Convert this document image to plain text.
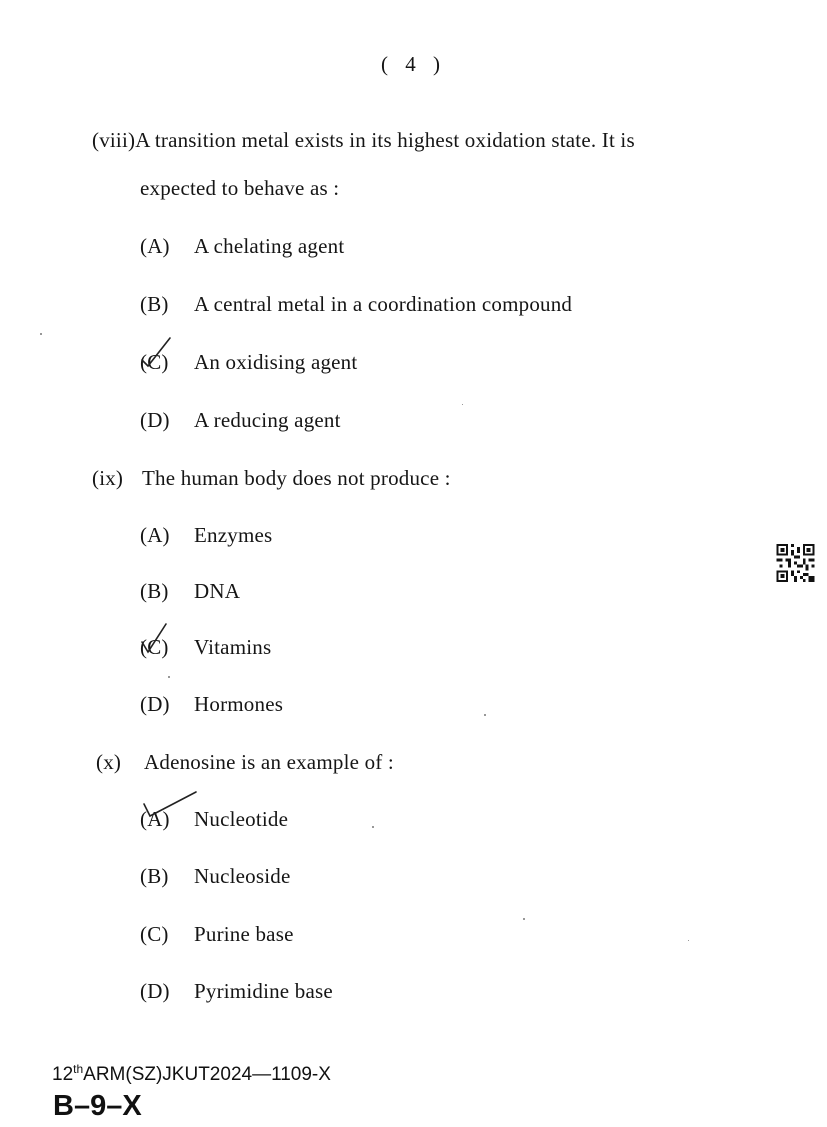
( 4 )
(viii)A transition metal exists in its highest oxidation state. It is
expected to behave as :
(A) A chelating agent
(B) A central metal in a coordination compound
(C) An oxidising agent
(D) A reducing agent
(ix) The human body does not produce :
(A) Enzymes
(B) DNA
(C) Vitamins
(D) Hormones
(x) Adenosine is an example of :
(A) Nucleotide
(B) Nucleoside
(C) Purine base
(D) Pyrimidine base
12thARM(SZ)JKUT2024—1109-X
B–9–X
